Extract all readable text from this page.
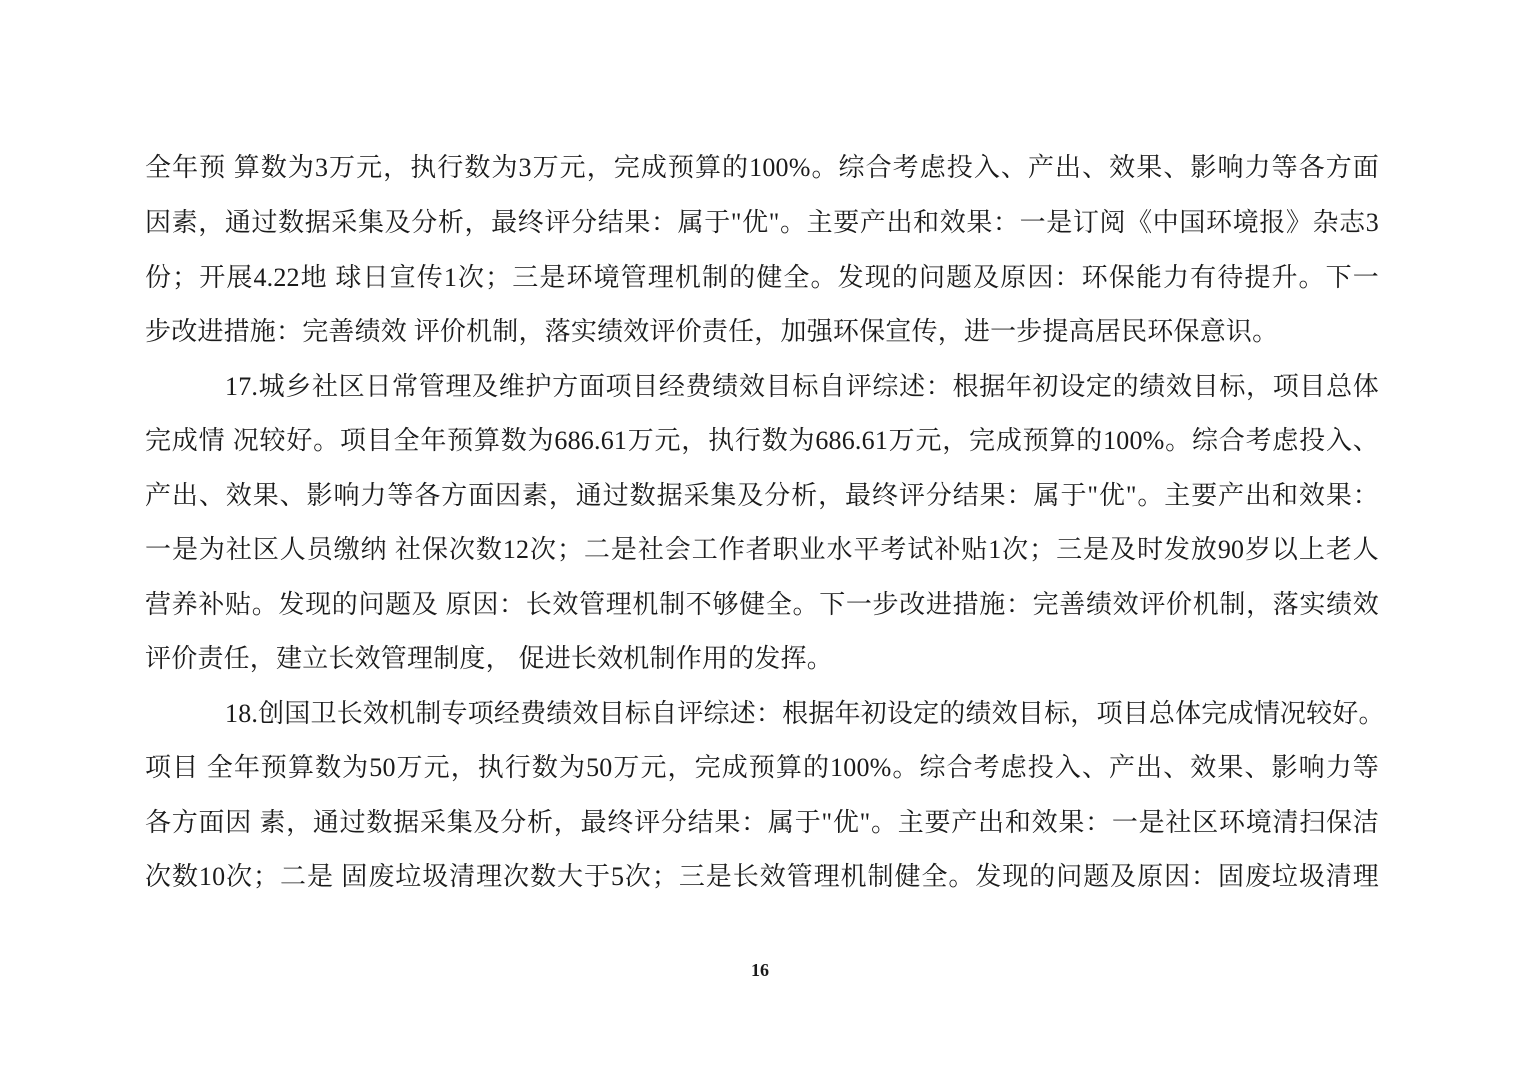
全年预 算数为3万元，执行数为3万元，完成预算的100%。综合考虑投入、产出、效果、影响力等各方面
因素，通过数据采集及分析，最终评分结果：属于"优"。主要产出和效果：一是订阅《中国环境报》杂志3
份；开展4.22地 球日宣传1次；三是环境管理机制的健全。发现的问题及原因：环保能力有待提升。下一
步改进措施：完善绩效 评价机制，落实绩效评价责任，加强环保宣传，进一步提高居民环保意识。
17.城乡社区日常管理及维护方面项目经费绩效目标自评综述：根据年初设定的绩效目标，项目总体
完成情 况较好。项目全年预算数为686.61万元，执行数为686.61万元，完成预算的100%。综合考虑投入、
产出、效果、影响力等各方面因素，通过数据采集及分析，最终评分结果：属于"优"。主要产出和效果：
一是为社区人员缴纳 社保次数12次；二是社会工作者职业水平考试补贴1次；三是及时发放90岁以上老人
营养补贴。发现的问题及 原因：长效管理机制不够健全。下一步改进措施：完善绩效评价机制，落实绩效
评价责任，建立长效管理制度， 促进长效机制作用的发挥。
18.创国卫长效机制专项经费绩效目标自评综述：根据年初设定的绩效目标，项目总体完成情况较好。
项目 全年预算数为50万元，执行数为50万元，完成预算的100%。综合考虑投入、产出、效果、影响力等
各方面因 素，通过数据采集及分析，最终评分结果：属于"优"。主要产出和效果：一是社区环境清扫保洁
次数10次；二是 固废垃圾清理次数大于5次；三是长效管理机制健全。发现的问题及原因：固废垃圾清理
16
